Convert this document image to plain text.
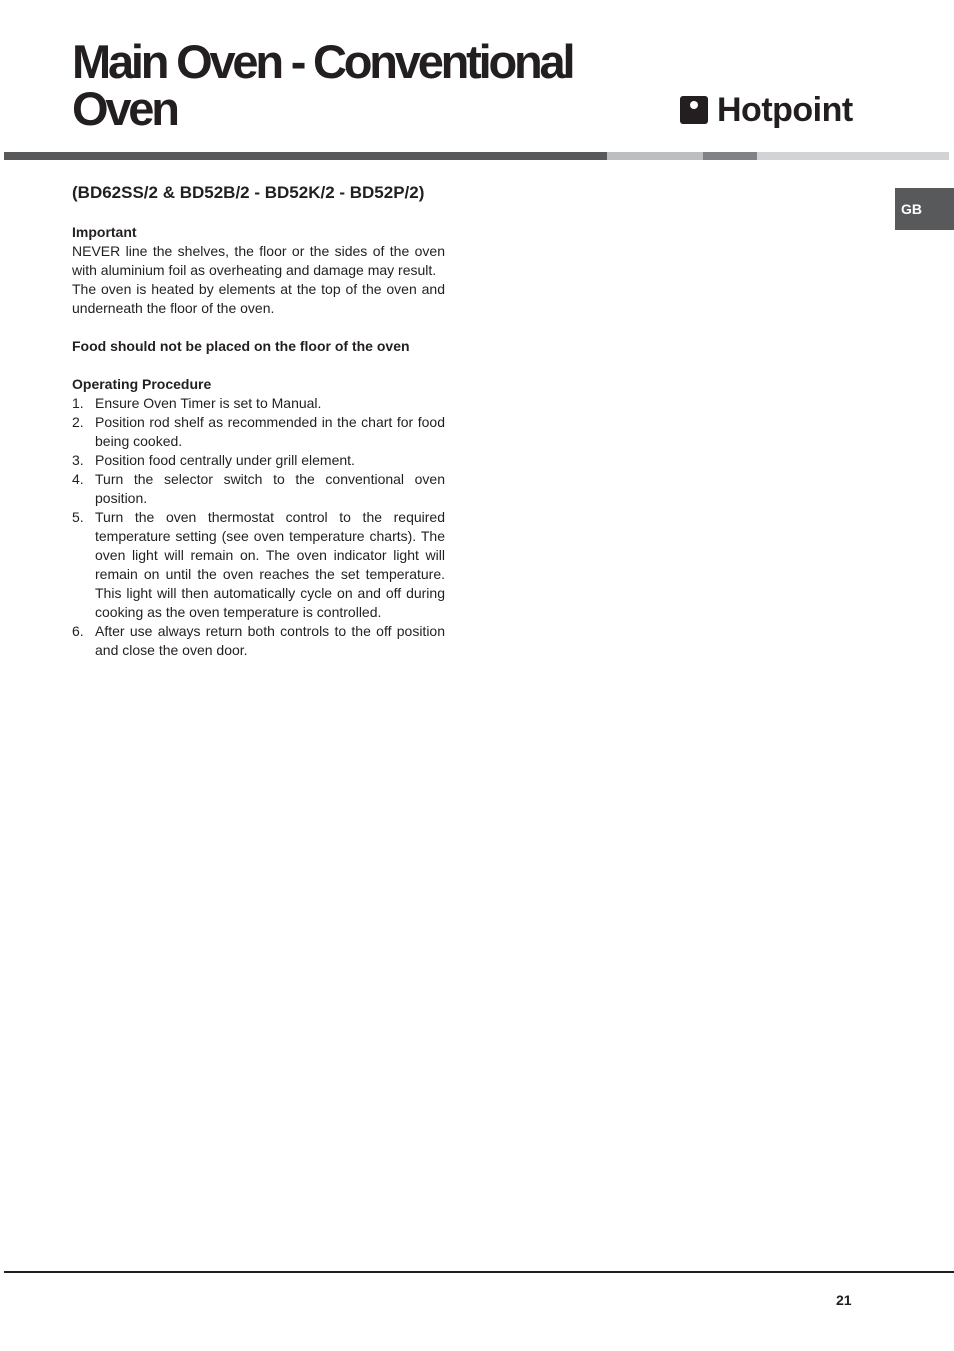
Main Oven - Conventional
Oven	Hotpoint
GB

(BD62SS/2 & BD52B/2 - BD52K/2 - BD52P/2)

Important

NEVER line the shelves, the floor or the sides of the oven with aluminium foil as overheating and damage may result.

The oven is heated by elements at the top of the oven and underneath the floor of the oven.

Food should not be placed on the floor of the oven

Operating Procedure

1. Ensure Oven Timer is set to Manual.
2. Position rod shelf as recommended in the chart for food being cooked.
3. Position food centrally under grill element.
4. Turn the selector switch to the conventional oven position.
5. Turn the oven thermostat control to the required temperature setting (see oven temperature charts). The oven light will remain on. The oven indicator light will remain on until the oven reaches the set temperature. This light will then automatically cycle on and off during cooking as the oven temperature is controlled.
6. After use always return both controls to the off position and close the oven door.
21
